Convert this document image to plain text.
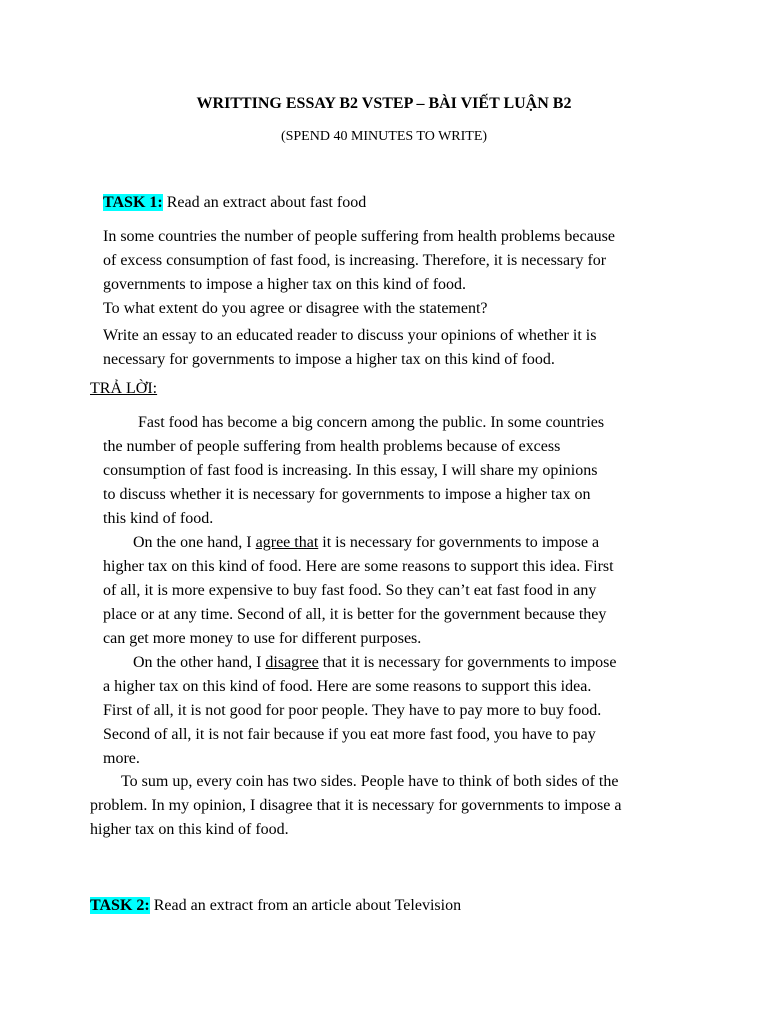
WRITTING ESSAY B2 VSTEP – BÀI VIẾT LUẬN B2
(SPEND 40 MINUTES TO WRITE)
TASK 1: Read an extract about fast food
In some countries the number of people suffering from health problems because
of excess consumption of fast food, is increasing. Therefore, it is necessary for
governments to impose a higher tax on this kind of food.
To what extent do you agree or disagree with the statement?
Write an essay to an educated reader to discuss your opinions of whether it is
necessary for governments to impose a higher tax on this kind of food.
TRẢ LỜI:
Fast food has become a big concern among the public. In some countries
the number of people suffering from health problems because of excess
consumption of fast food is increasing. In this essay, I will share my opinions
to discuss whether it is necessary for governments to impose a higher tax on
this kind of food.
On the one hand, I agree that it is necessary for governments to impose a
higher tax on this kind of food. Here are some reasons to support this idea. First
of all, it is more expensive to buy fast food. So they can’t eat fast food in any
place or at any time. Second of all, it is better for the government because they
can get more money to use for different purposes.
On the other hand, I disagree that it is necessary for governments to impose
a higher tax on this kind of food. Here are some reasons to support this idea.
First of all, it is not good for poor people. They have to pay more to buy food.
Second of all, it is not fair because if you eat more fast food, you have to pay
more.
To sum up, every coin has two sides. People have to think of both sides of the
problem. In my opinion, I disagree that it is necessary for governments to impose a
higher tax on this kind of food.
TASK 2: Read an extract from an article about Television
